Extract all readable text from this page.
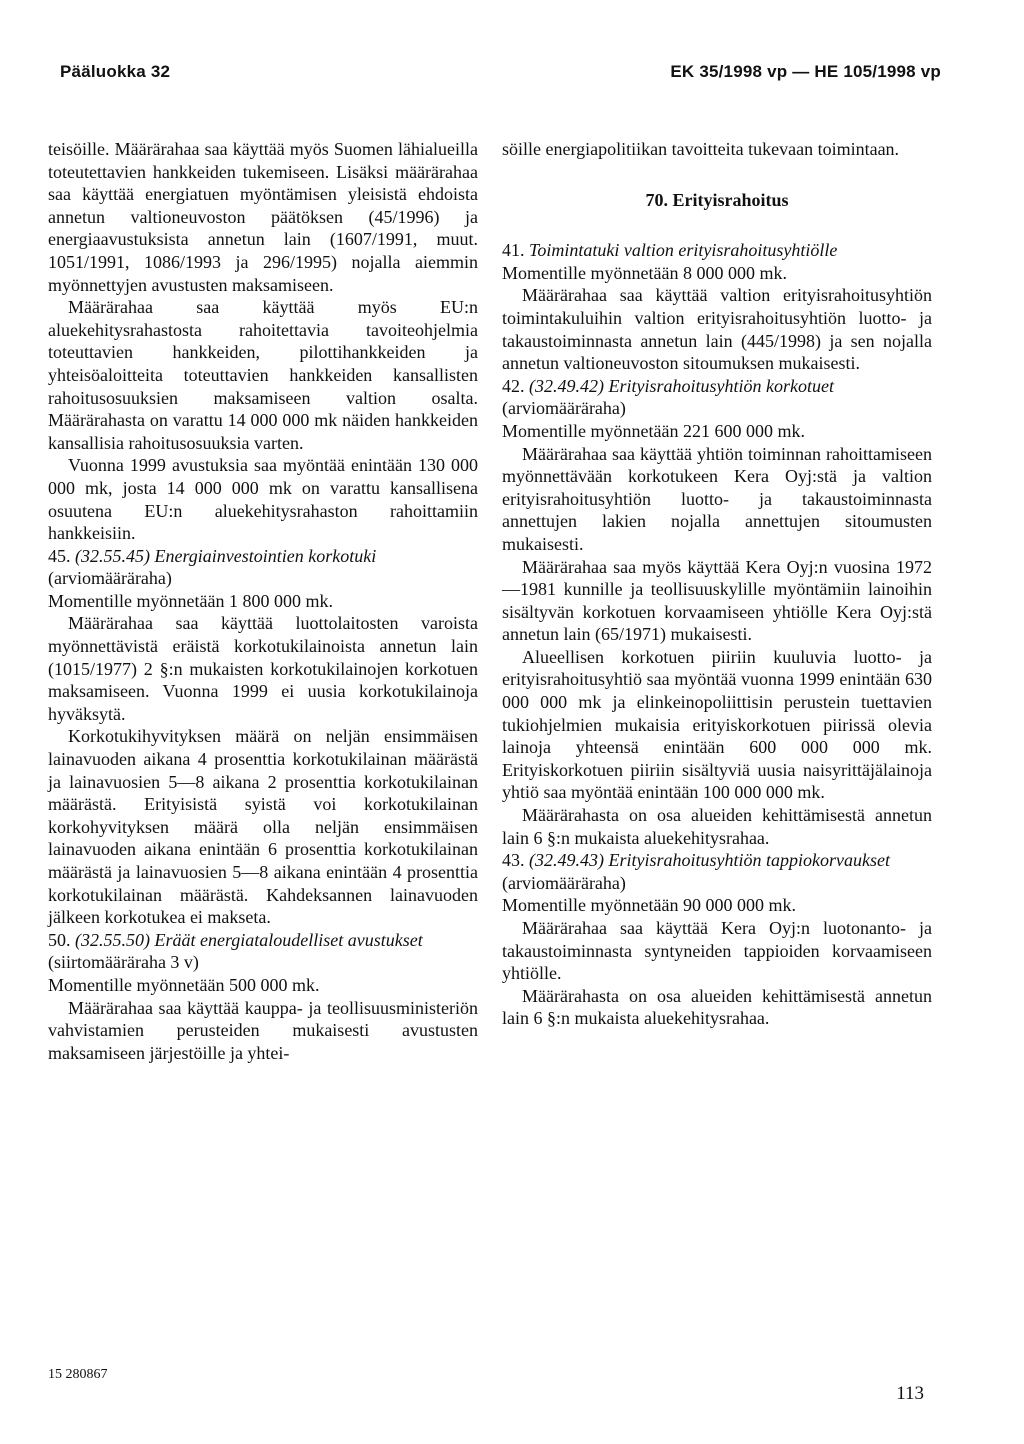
Pääluokka 32	EK 35/1998 vp — HE 105/1998 vp

teisöille. Määrärahaa saa käyttää myös Suomen lähialueilla toteutettavien hankkeiden tukemiseen. Lisäksi määrärahaa saa käyttää energiatuen myöntämisen yleisistä ehdoista annetun valtioneuvoston päätöksen (45/1996) ja energiaavustuksista annetun lain (1607/1991, muut. 1051/1991, 1086/1993 ja 296/1995) nojalla aiemmin myönnettyjen avustusten maksamiseen.

Määrärahaa saa käyttää myös EU:n aluekehitysrahastosta rahoitettavia tavoiteohjelmia toteuttavien hankkeiden, pilottihankkeiden ja yhteisöaloitteita toteuttavien hankkeiden kansallisten rahoitusosuuksien maksamiseen valtion osalta. Määrärahasta on varattu 14 000 000 mk näiden hankkeiden kansallisia rahoitusosuuksia varten.

Vuonna 1999 avustuksia saa myöntää enintään 130 000 000 mk, josta 14 000 000 mk on varattu kansallisena osuutena EU:n aluekehitysrahaston rahoittamiin hankkeisiin.

45. (32.55.45) Energiainvestointien korkotuki (arviomääräraha)

Momentille myönnetään 1 800 000 mk.

Määrärahaa saa käyttää luottolaitosten varoista myönnettävistä eräistä korkotukilainoista annetun lain (1015/1977) 2 §:n mukaisten korkotukilainojen korkotuen maksamiseen. Vuonna 1999 ei uusia korkotukilainoja hyväksytä.

Korkotukihyvityksen määrä on neljän ensimmäisen lainavuoden aikana 4 prosenttia korkotukilainan määrästä ja lainavuosien 5—8 aikana 2 prosenttia korkotukilainan määrästä. Erityisistä syistä voi korkotukilainan korkohyvityksen määrä olla neljän ensimmäisen lainavuoden aikana enintään 6 prosenttia korkotukilainan määrästä ja lainavuosien 5—8 aikana enintään 4 prosenttia korkotukilainan määrästä. Kahdeksannen lainavuoden jälkeen korkotukea ei makseta.

50. (32.55.50) Eräät energiataloudelliset avustukset (siirtomääräraha 3 v)

Momentille myönnetään 500 000 mk.

Määrärahaa saa käyttää kauppa- ja teollisuusministeriön vahvistamien perusteiden mukaisesti avustusten maksamiseen järjestöille ja yhtei-

söille energiapolitiikan tavoitteita tukevaan toimintaan.

70. Erityisrahoitus

41. Toimintatuki valtion erityisrahoitusyhtiölle

Momentille myönnetään 8 000 000 mk.

Määrärahaa saa käyttää valtion erityisrahoitusyhtiön toimintakuluihin valtion erityisrahoitusyhtiön luotto- ja takaustoiminnasta annetun lain (445/1998) ja sen nojalla annetun valtioneuvoston sitoumuksen mukaisesti.

42. (32.49.42) Erityisrahoitusyhtiön korkotuet (arviomääräraha)

Momentille myönnetään 221 600 000 mk.

Määrärahaa saa käyttää yhtiön toiminnan rahoittamiseen myönnettävään korkotukeen Kera Oyj:stä ja valtion erityisrahoitusyhtiön luotto- ja takaustoiminnasta annettujen lakien nojalla annettujen sitoumusten mukaisesti.

Määrärahaa saa myös käyttää Kera Oyj:n vuosina 1972—1981 kunnille ja teollisuuskylille myöntämiin lainoihin sisältyvän korkotuen korvaamiseen yhtiölle Kera Oyj:stä annetun lain (65/1971) mukaisesti.

Alueellisen korkotuen piiriin kuuluvia luotto- ja erityisrahoitusyhtiö saa myöntää vuonna 1999 enintään 630 000 000 mk ja elinkeinopoliittisin perustein tuettavien tukiohjelmien mukaisia erityiskorkotuen piirissä olevia lainoja yhteensä enintään 600 000 000 mk. Erityiskorkotuen piiriin sisältyviä uusia naisyrittäjälainoja yhtiö saa myöntää enintään 100 000 000 mk.

Määrärahasta on osa alueiden kehittämisestä annetun lain 6 §:n mukaista aluekehitysrahaa.

43. (32.49.43) Erityisrahoitusyhtiön tappiokorvaukset (arviomääräraha)

Momentille myönnetään 90 000 000 mk.

Määrärahaa saa käyttää Kera Oyj:n luotonanto- ja takaustoiminnasta syntyneiden tappioiden korvaamiseen yhtiölle.

Määrärahasta on osa alueiden kehittämisestä annetun lain 6 §:n mukaista aluekehitysrahaa.

15 280867
113
